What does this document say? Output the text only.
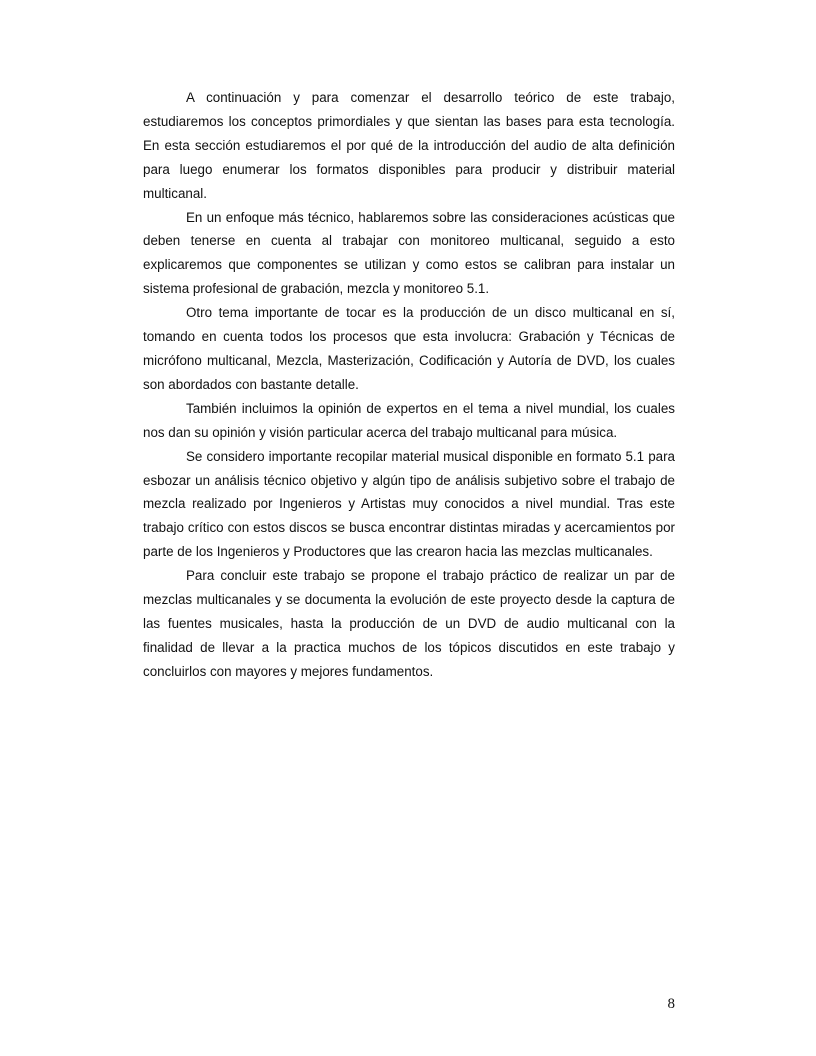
A continuación y para comenzar el desarrollo teórico de este trabajo, estudiaremos los conceptos primordiales y que sientan las bases para esta tecnología. En esta sección estudiaremos el por qué de la introducción del audio de alta definición para luego enumerar los formatos disponibles para producir y distribuir material multicanal.

En un enfoque más técnico, hablaremos sobre las consideraciones acústicas que deben tenerse en cuenta al trabajar con monitoreo multicanal, seguido a esto explicaremos que componentes se utilizan y como estos se calibran para instalar un sistema profesional de grabación, mezcla y monitoreo 5.1.

Otro tema importante de tocar es la producción de un disco multicanal en sí, tomando en cuenta todos los procesos que esta involucra: Grabación y Técnicas de micrófono multicanal, Mezcla, Masterización, Codificación y Autoría de DVD, los cuales son abordados con bastante detalle.

También incluimos la opinión de expertos en el tema a nivel mundial, los cuales nos dan su opinión y visión particular acerca del trabajo multicanal para música.

Se considero importante recopilar material musical disponible en formato 5.1 para esbozar un análisis técnico objetivo y algún tipo de análisis subjetivo sobre el trabajo de mezcla realizado por Ingenieros y Artistas muy conocidos a nivel mundial. Tras este trabajo crítico con estos discos se busca encontrar distintas miradas y acercamientos por parte de los Ingenieros y Productores que las crearon hacia las mezclas multicanales.

Para concluir este trabajo se propone el trabajo práctico de realizar un par de mezclas multicanales y se documenta la evolución de este proyecto desde la captura de las fuentes musicales, hasta la producción de un DVD de audio multicanal con la finalidad de llevar a la practica muchos de los tópicos discutidos en este trabajo y concluirlos con mayores y mejores fundamentos.

8
